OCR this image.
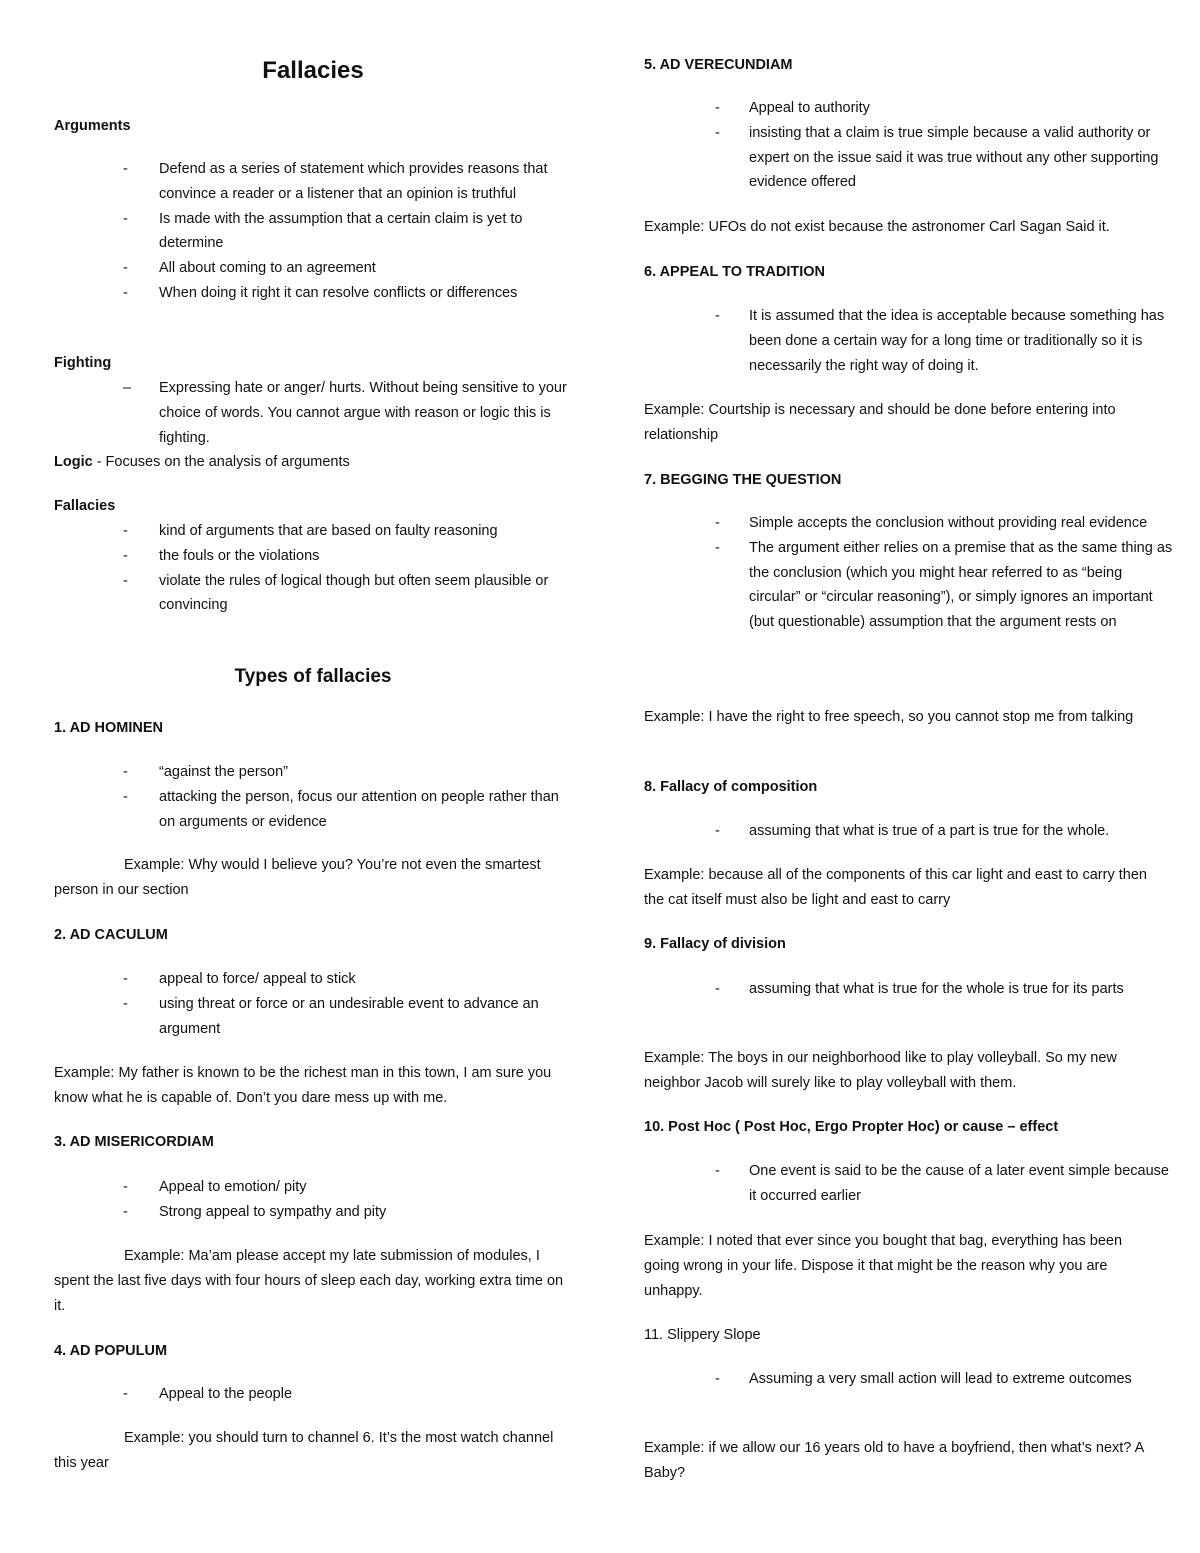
Fallacies
Arguments
- Defend as a series of statement which provides reasons that convince a reader or a listener that an opinion is truthful
- Is made with the assumption that a certain claim is yet to determine
- All about coming to an agreement
- When doing it right it can resolve conflicts or differences
Fighting
– Expressing hate or anger/ hurts. Without being sensitive to your choice of words. You cannot argue with reason or logic this is fighting.
Logic - Focuses on the analysis of arguments
Fallacies
- kind of arguments that are based on faulty reasoning
- the fouls or the violations
- violate the rules of logical though but often seem plausible or convincing
Types of fallacies
1. AD HOMINEN
- “against the person”
- attacking the person, focus our attention on people rather than on arguments or evidence
Example: Why would I believe you? You’re not even the smartest person in our section
2. AD CACULUM
- appeal to force/ appeal to stick
- using threat or force or an undesirable event to advance an argument
Example: My father is known to be the richest man in this town, I am sure you know what he is capable of. Don’t you dare mess up with me.
3. AD MISERICORDIAM
- Appeal to emotion/ pity
- Strong appeal to sympathy and pity
Example: Ma’am please accept my late submission of modules, I spent the last five days with four hours of sleep each day, working extra time on it.
4. AD POPULUM
- Appeal to the people
Example: you should turn to channel 6. It’s the most watch channel this year
5. AD VERECUNDIAM
- Appeal to authority
- insisting that a claim is true simple because a valid authority or expert on the issue said it was true without any other supporting evidence offered
Example: UFOs do not exist because the astronomer Carl Sagan Said it.
6. APPEAL TO TRADITION
- It is assumed that the idea is acceptable because something has been done a certain way for a long time or traditionally so it is necessarily the right way of doing it.
Example: Courtship is necessary and should be done before entering into relationship
7. BEGGING THE QUESTION
- Simple accepts the conclusion without providing real evidence
- The argument either relies on a premise that as the same thing as the conclusion (which you might hear referred to as “being circular” or “circular reasoning”), or simply ignores an important (but questionable) assumption that the argument rests on
Example: I have the right to free speech, so you cannot stop me from talking
8. Fallacy of composition
- assuming that what is true of a part is true for the whole.
Example: because all of the components of this car light and east to carry then the cat itself must also be light and east to carry
9. Fallacy of division
- assuming that what is true for the whole is true for its parts
Example: The boys in our neighborhood like to play volleyball. So my new neighbor Jacob will surely like to play volleyball with them.
10. Post Hoc ( Post Hoc, Ergo Propter Hoc) or cause – effect
- One event is said to be the cause of a later event simple because it occurred earlier
Example: I noted that ever since you bought that bag, everything has been going wrong in your life. Dispose it that might be the reason why you are unhappy.
11. Slippery Slope
- Assuming a very small action will lead to extreme outcomes
Example: if we allow our 16 years old to have a boyfriend, then what’s next? A Baby?
